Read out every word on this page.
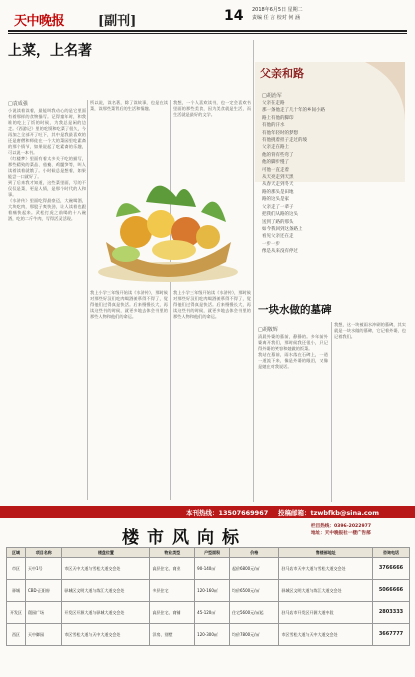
天中晚报	[副刊]	14 2018年6月5日 星期二
责编 任 言 校对 何 涵
上菜，上名著
□袁成强
小说读着读着，最能叫我动心的是它里面有着那样的食物描写。记得童年时，和我谁的吃上了饭的时候，为我总是闲的边走。《西游记》里的吃馍和吃菜了很久，今再加之全部开了吐下，其中是我最喜欢的还是唐僧和师徒在一个大的菜园里吃素斋的那个情节，如果说起了吃素斋的乐趣，可以说一本书。
《红楼梦》里面有着太多关于吃的描写，那些精致的菜品、茄鲞、鸡髓笋等，叫人读着读着就饿了。小时候总是想着，如果能尝一口就好了。
到了后来我才知道，这些菜里面，写的不仅仅是菜，更是人情，是那个时代的人和事。
《水浒传》里面吃得最豪迈，大碗喝酒，大块吃肉，那股子爽快劲，让人读着也跟着痛快起来。武松打虎之前喝的十八碗酒，吃的二斤牛肉，写得活灵活现。
所以说，读名著，除了读故事，也是在读菜，读那些菜背后的生活和情趣。
我上小学三年级开始读《水浒传》，那时候对那些好汉们吃肉喝酒羡慕得不得了，觉得他们过得真是快活。后来慢慢长大，再读这些书的时候，就更多地去体会书里的那些人物和他们的命运。
我想，一个人喜欢读书，也一定会喜欢书里面的那些美食，因为美食就是生活，而生活就是最好的文学。
我上小学三年级开始读《水浒传》，那时候对那些好汉们吃肉喝酒羡慕得不得了，觉得他们过得真是快活。后来慢慢长大，再读这些书的时候，就更多地去体会书里的那些人物和他们的命运。
父亲和路
□胡治军
父亲在走路
那一条他走了几十年的乡间小路
路上有他的脚印
有他的汗水
有他年轻时的梦想
有他挑着担子走过的坡
父亲走在路上
他的背有些弯了
他的脚步慢了
可他一直走着
从天亮走到天黑
从春天走到冬天
路的那头是田地
路的这头是家
父亲走了一辈子
把我们从路的这头
送到了路的那头
如今我回到这条路上
看见父亲还在走
一步一步
像是从来没有停过
一块水做的墓碑
□胡敬辉
清晨外婆的墓前，静静的。多年前外婆离开我们，那时候我还很小，只记得外婆的笑容和她做的饭菜。
我站在墓前，雨水落在石碑上，一道一道流下来，像是外婆的眼泪，又像是她在对我说话。
我想，这一块被雨水冲刷的墓碑，其实就是一块水做的墓碑，它记着外婆，也记着我们。
本刊热线：13507669967 投稿邮箱：tzwbfkb@sina.com
楼市风向标
栏目热线：0396-2022977
地址：天中晚报社一楼广告部
区域	项目名称	楼盘位置	物业类型	户型面积	价格	售楼部地址	咨询电话
市区	天中1号	市区天中大道与雪松大道交会处	高层住宅、商业	90-140㎡	起价6800元/㎡	驻马店市天中大道与雪松大道交会处	3766666
驿城	CBD·正阳府	驿城区文明大道与练江大道交会处	多层住宅	120-160㎡	均价6500元/㎡	驿城区文明大道与练江大道交会处	5066666
开发区	璟园广场	开发区开源大道与驿城大道交会处	高层住宅、商铺	45-120㎡	住宅5600元/㎡起	驻马店市开发区开源大道中段	2803333
西区	天中御园	市区雪松大道与天中大道交会处	洋房、别墅	120-300㎡	均价7800元/㎡	市区雪松大道与天中大道交会处	3667777
